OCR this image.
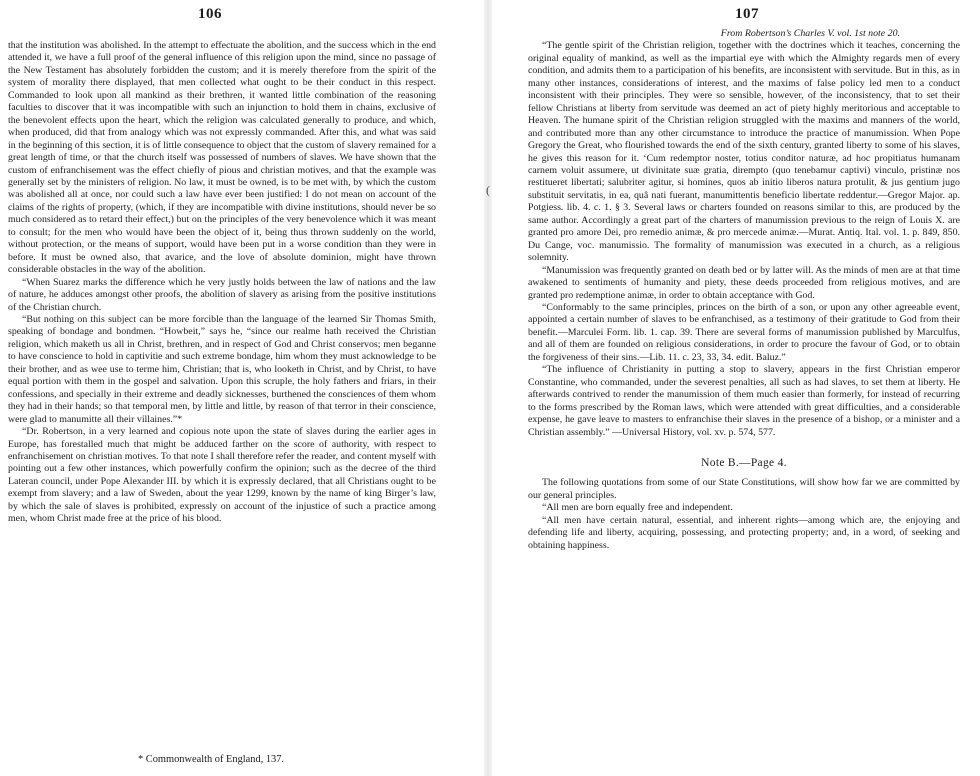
106

that the institution was abolished. In the attempt to effectuate the abolition, and the success which in the end attended it, we have a full proof of the general influence of this religion upon the mind, since no passage of the New Testament has absolutely forbidden the custom; and it is merely therefore from the spirit of the system of morality there displayed, that men collected what ought to be their conduct in this respect. Commanded to look upon all mankind as their brethren, it wanted little combination of the reasoning faculties to discover that it was incompatible with such an injunction to hold them in chains, exclusive of the benevolent effects upon the heart, which the religion was calculated generally to produce, and which, when produced, did that from analogy which was not expressly commanded. After this, and what was said in the beginning of this section, it is of little consequence to object that the custom of slavery remained for a great length of time, or that the church itself was possessed of numbers of slaves. We have shown that the custom of enfranchisement was the effect chiefly of pious and christian motives, and that the example was generally set by the ministers of religion. No law, it must be owned, is to be met with, by which the custom was abolished all at once, nor could such a law have ever been justified: I do not mean on account of the claims of the rights of property, (which, if they are incompatible with divine institutions, should never be so much considered as to retard their effect,) but on the principles of the very benevolence which it was meant to consult; for the men who would have been the object of it, being thus thrown suddenly on the world, without protection, or the means of support, would have been put in a worse condition than they were in before. It must be owned also, that avarice, and the love of absolute dominion, might have thrown considerable obstacles in the way of the abolition.

“When Suarez marks the difference which he very justly holds between the law of nations and the law of nature, he adduces amongst other proofs, the abolition of slavery as arising from the positive institutions of the Christian church.

“But nothing on this subject can be more forcible than the language of the learned Sir Thomas Smith, speaking of bondage and bondmen. “Howbeit,” says he, “since our realme hath received the Christian religion, which maketh us all in Christ, brethren, and in respect of God and Christ conservos; men beganne to have conscience to hold in captivitie and such extreme bondage, him whom they must acknowledge to be their brother, and as wee use to terme him, Christian; that is, who looketh in Christ, and by Christ, to have equal portion with them in the gospel and salvation. Upon this scruple, the holy fathers and friars, in their confessions, and specially in their extreme and deadly sicknesses, burthened the consciences of them whom they had in their hands; so that temporal men, by little and little, by reason of that terror in their conscience, were glad to manumitte all their villaines.”*

“Dr. Robertson, in a very learned and copious note upon the state of slaves during the earlier ages in Europe, has forestalled much that might be adduced farther on the score of authority, with respect to enfranchisement on christian motives. To that note I shall therefore refer the reader, and content myself with pointing out a few other instances, which powerfully confirm the opinion; such as the decree of the third Lateran council, under Pope Alexander III. by which it is expressly declared, that all Christians ought to be exempt from slavery; and a law of Sweden, about the year 1299, known by the name of king Birger’s law, by which the sale of slaves is prohibited, expressly on account of the injustice of such a practice among men, whom Christ made free at the price of his blood.

* Commonwealth of England, 137.
(
107

From Robertson’s Charles V. vol. 1st note 20.

“The gentle spirit of the Christian religion, together with the doctrines which it teaches, concerning the original equality of mankind, as well as the impartial eye with which the Almighty regards men of every condition, and admits them to a participation of his benefits, are inconsistent with servitude. But in this, as in many other instances, considerations of interest, and the maxims of false policy led men to a conduct inconsistent with their principles. They were so sensible, however, of the inconsistency, that to set their fellow Christians at liberty from servitude was deemed an act of piety highly meritorious and acceptable to Heaven. The humane spirit of the Christian religion struggled with the maxims and manners of the world, and contributed more than any other circumstance to introduce the practice of manumission. When Pope Gregory the Great, who flourished towards the end of the sixth century, granted liberty to some of his slaves, he gives this reason for it. ‘Cum redemptor noster, totius conditor naturæ, ad hoc propitiatus humanam carnem voluit assumere, ut divinitate suæ gratia, dirempto (quo tenebamur captivi) vinculo, pristinæ nos restitueret libertati; salubriter agitur, si homines, quos ab initio liberos natura protulit, & jus gentium jugo substituit servitatis, in ea, quâ nati fuerant, manumittentis beneficio libertate reddentur.—Gregor Major. ap. Potgiess. lib. 4. c. 1. § 3. Several laws or charters founded on reasons similar to this, are produced by the same author. Accordingly a great part of the charters of manumission previous to the reign of Louis X. are granted pro amore Dei, pro remedio animæ, & pro mercede animæ.—Murat. Antiq. Ital. vol. 1. p. 849, 850. Du Cange, voc. manumissio. The formality of manumission was executed in a church, as a religious solemnity.

“Manumission was frequently granted on death bed or by latter will. As the minds of men are at that time awakened to sentiments of humanity and piety, these deeds proceeded from religious motives, and are granted pro redemptione animæ, in order to obtain acceptance with God.

“Conformably to the same principles, princes on the birth of a son, or upon any other agreeable event, appointed a certain number of slaves to be enfranchised, as a testimony of their gratitude to God from their benefit.—Marculei Form. lib. 1. cap. 39. There are several forms of manumission published by Marculfus, and all of them are founded on religious considerations, in order to procure the favour of God, or to obtain the forgiveness of their sins.—Lib. 11. c. 23, 33, 34. edit. Baluz.”

“The influence of Christianity in putting a stop to slavery, appears in the first Christian emperor Constantine, who commanded, under the severest penalties, all such as had slaves, to set them at liberty. He afterwards contrived to render the manumission of them much easier than formerly, for instead of recurring to the forms prescribed by the Roman laws, which were attended with great difficulties, and a considerable expense, he gave leave to masters to enfranchise their slaves in the presence of a bishop, or a minister and a Christian assembly.” —Universal History, vol. xv. p. 574, 577.

Note B.—Page 4.

The following quotations from some of our State Constitutions, will show how far we are committed by our general principles.

“All men are born equally free and independent.

“All men have certain natural, essential, and inherent rights—among which are, the enjoying and defending life and liberty, acquiring, possessing, and protecting property; and, in a word, of seeking and obtaining happiness.
